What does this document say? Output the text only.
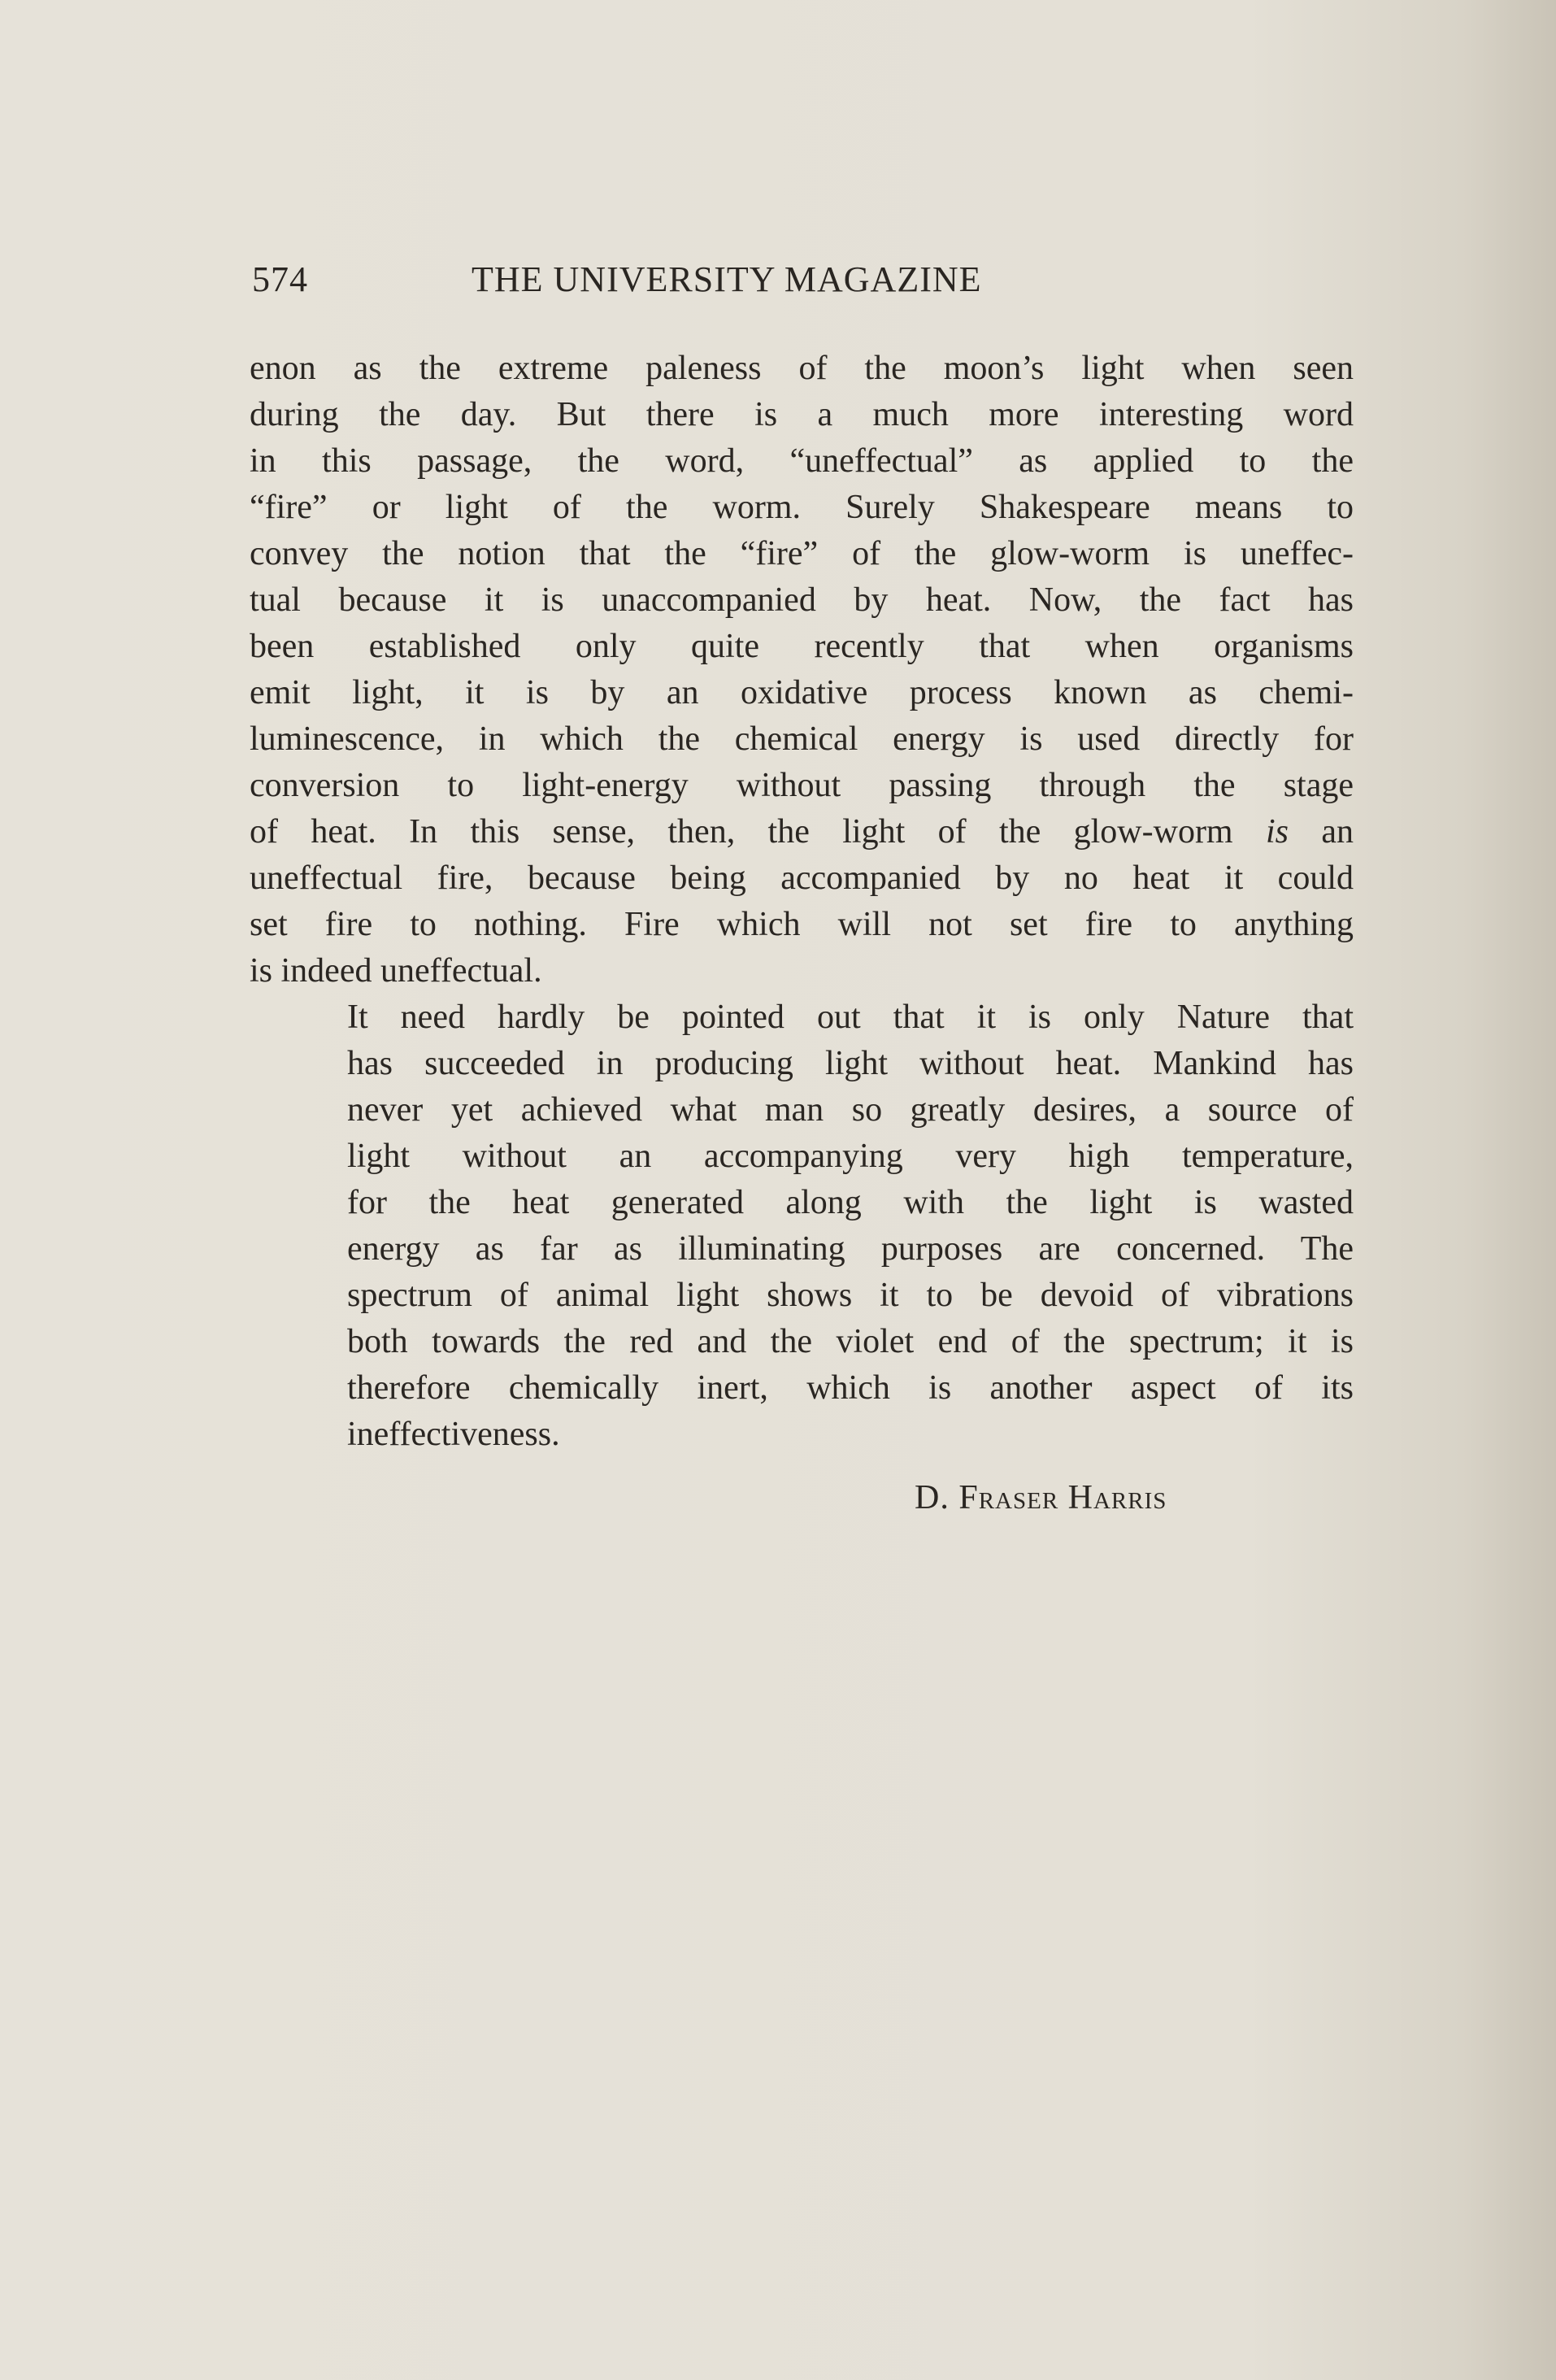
574	THE UNIVERSITY MAGAZINE
enon as the extreme paleness of the moon’s light when seen
during the day. But there is a much more interesting word
in this passage, the word, “uneffectual” as applied to the
“fire” or light of the worm. Surely Shakespeare means to
convey the notion that the “fire” of the glow-worm is uneffec-
tual because it is unaccompanied by heat. Now, the fact has
been established only quite recently that when organisms
emit light, it is by an oxidative process known as chemi-
luminescence, in which the chemical energy is used directly for
conversion to light-energy without passing through the stage
of heat. In this sense, then, the light of the glow-worm is an
uneffectual fire, because being accompanied by no heat it could
set fire to nothing. Fire which will not set fire to anything
is indeed uneffectual.
It need hardly be pointed out that it is only Nature that
has succeeded in producing light without heat. Mankind has
never yet achieved what man so greatly desires, a source of
light without an accompanying very high temperature,
for the heat generated along with the light is wasted
energy as far as illuminating purposes are concerned. The
spectrum of animal light shows it to be devoid of vibrations
both towards the red and the violet end of the spectrum; it is
therefore chemically inert, which is another aspect of its
ineffectiveness.
D. Fraser Harris
